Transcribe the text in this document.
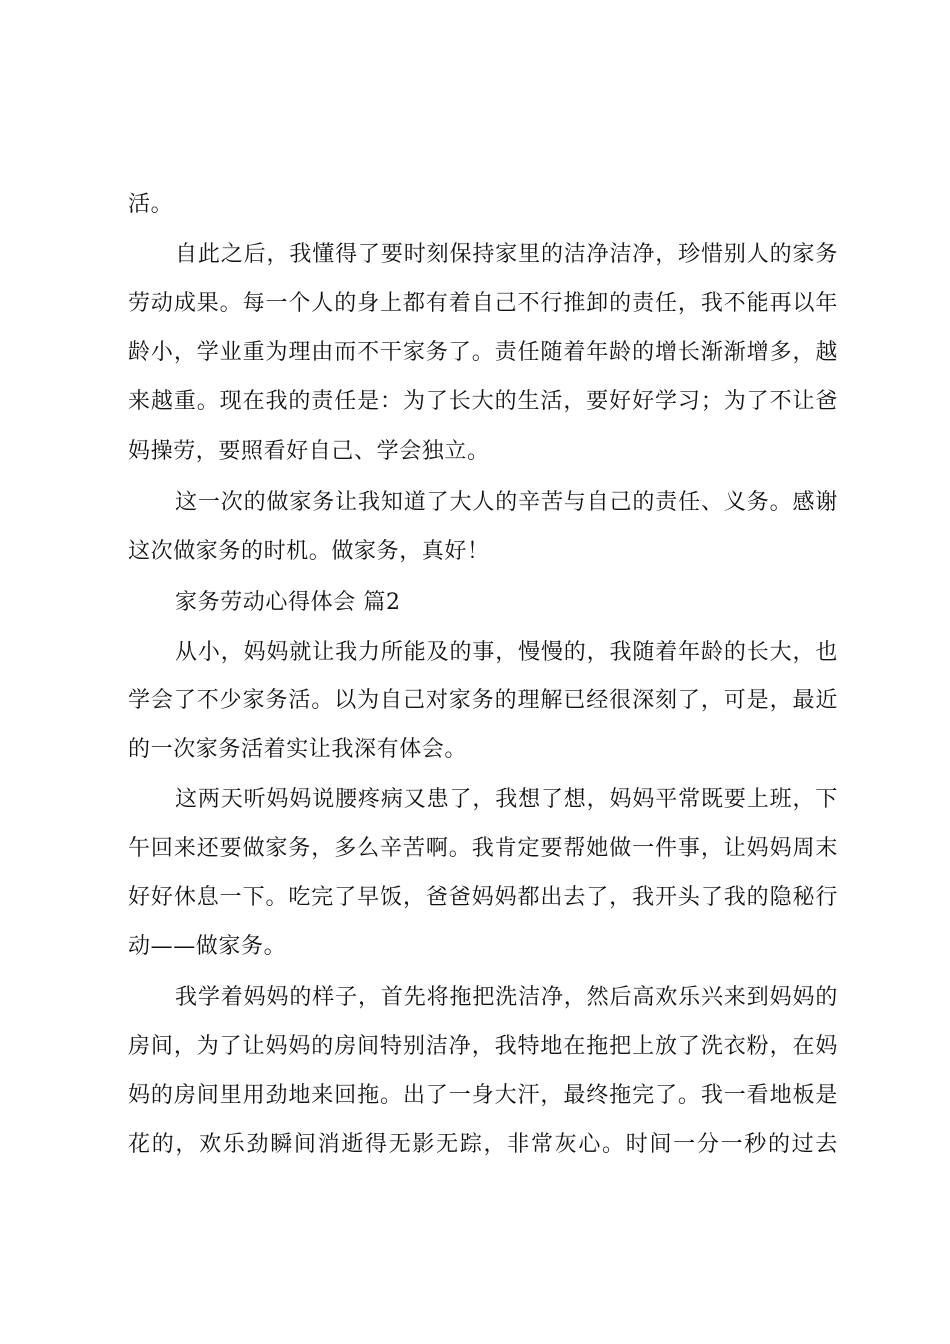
活。
自此之后，我懂得了要时刻保持家里的洁净洁净，珍惜别人的家务
劳动成果。每一个人的身上都有着自己不行推卸的责任，我不能再以年
龄小，学业重为理由而不干家务了。责任随着年龄的增长渐渐增多，越
来越重。现在我的责任是：为了长大的生活，要好好学习；为了不让爸
妈操劳，要照看好自己、学会独立。
这一次的做家务让我知道了大人的辛苦与自己的责任、义务。感谢
这次做家务的时机。做家务，真好！
家务劳动心得体会 篇2
从小，妈妈就让我力所能及的事，慢慢的，我随着年龄的长大，也
学会了不少家务活。以为自己对家务的理解已经很深刻了，可是，最近
的一次家务活着实让我深有体会。
这两天听妈妈说腰疼病又患了，我想了想，妈妈平常既要上班，下
午回来还要做家务，多么辛苦啊。我肯定要帮她做一件事，让妈妈周末
好好休息一下。吃完了早饭，爸爸妈妈都出去了，我开头了我的隐秘行
动——做家务。
我学着妈妈的样子，首先将拖把洗洁净，然后高欢乐兴来到妈妈的
房间，为了让妈妈的房间特别洁净，我特地在拖把上放了洗衣粉，在妈
妈的房间里用劲地来回拖。出了一身大汗，最终拖完了。我一看地板是
花的，欢乐劲瞬间消逝得无影无踪，非常灰心。时间一分一秒的过去
